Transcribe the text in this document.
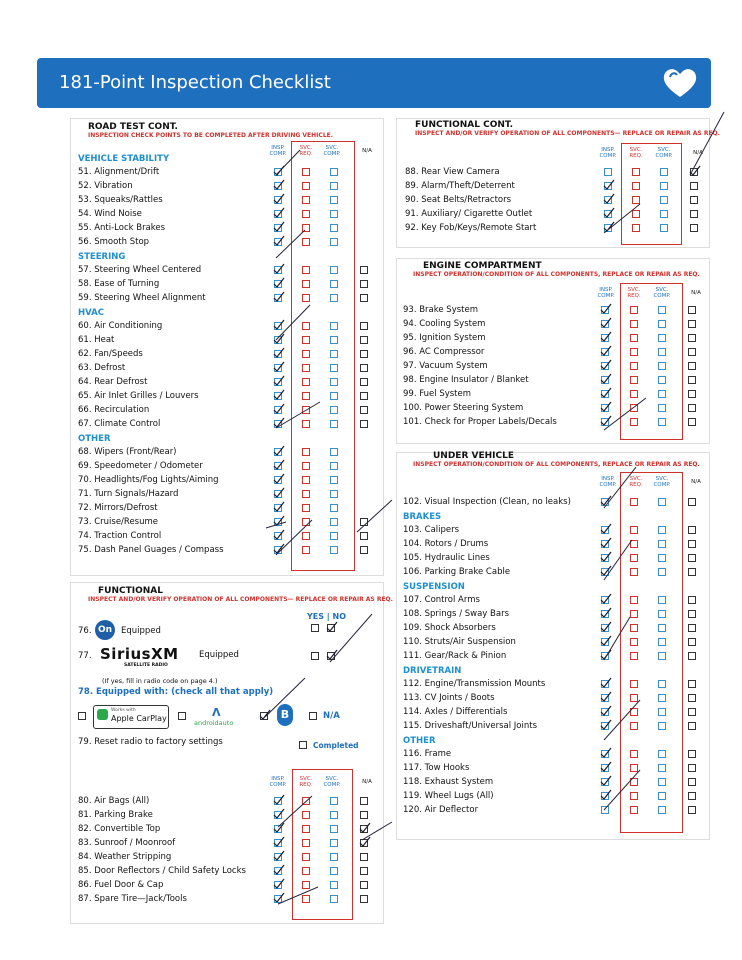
181-Point Inspection Checklist
ROAD TEST CONT.
INSPECTION CHECK POINTS TO BE COMPLETED AFTER DRIVING VEHICLE.
INSP. COMP.
SVC. REQ.
SVC. COMP.	N/A
VEHICLE STABILITY
51. Alignment/Drift
52. Vibration
53. Squeaks/Rattles
54. Wind Noise
55. Anti-Lock Brakes
56. Smooth Stop
STEERING
57. Steering Wheel Centered
58. Ease of Turning
59. Steering Wheel Alignment
HVAC
60. Air Conditioning
61. Heat
62. Fan/Speeds
63. Defrost
64. Rear Defrost
65. Air Inlet Grilles / Louvers
66. Recirculation
67. Climate Control
OTHER
68. Wipers (Front/Rear)
69. Speedometer / Odometer
70. Headlights/Fog Lights/Aiming
71. Turn Signals/Hazard
72. Mirrors/Defrost
73. Cruise/Resume
74. Traction Control
75. Dash Panel Guages / Compass
FUNCTIONAL
INSPECT AND/OR VERIFY OPERATION OF ALL COMPONENTS— REPLACE OR REPAIR AS REQ.
YES | NO
76. On	Equipped
77. SiriusXM
SATELLITE RADIO
Equipped
(If yes, fill in radio code on page 4.)
78. Equipped with: (check all that apply)
Works with
Apple CarPlay	Λ
androidauto
B	N/A
79. Reset radio to factory settings	Completed
INSP. COMP.
SVC. REQ.
SVC. COMP.	N/A
80. Air Bags (All)
81. Parking Brake
82. Convertible Top
83. Sunroof / Moonroof
84. Weather Stripping
85. Door Reflectors / Child Safety Locks
86. Fuel Door & Cap
87. Spare Tire—Jack/Tools
FUNCTIONAL CONT.
INSPECT AND/OR VERIFY OPERATION OF ALL COMPONENTS— REPLACE OR REPAIR AS REQ.
INSP. COMP.
SVC. REQ.
SVC. COMP.	N/A
88. Rear View Camera
89. Alarm/Theft/Deterrent
90. Seat Belts/Retractors
91. Auxiliary/ Cigarette Outlet
92. Key Fob/Keys/Remote Start
ENGINE COMPARTMENT
INSPECT OPERATION/CONDITION OF ALL COMPONENTS, REPLACE OR REPAIR AS REQ.
INSP. COMP.
SVC. REQ.
SVC. COMP.	N/A
93. Brake System
94. Cooling System
95. Ignition System
96. AC Compressor
97. Vacuum System
98. Engine Insulator / Blanket
99. Fuel System
100. Power Steering System
101. Check for Proper Labels/Decals
UNDER VEHICLE
INSPECT OPERATION/CONDITION OF ALL COMPONENTS, REPLACE OR REPAIR AS REQ.
INSP. COMP.
SVC. REQ.
SVC. COMP.	N/A
102. Visual Inspection (Clean, no leaks)
BRAKES
103. Calipers
104. Rotors / Drums
105. Hydraulic Lines
106. Parking Brake Cable
SUSPENSION
107. Control Arms
108. Springs / Sway Bars
109. Shock Absorbers
110. Struts/Air Suspension
111. Gear/Rack & Pinion
DRIVETRAIN
112. Engine/Transmission Mounts
113. CV Joints / Boots
114. Axles / Differentials
115. Driveshaft/Universal Joints
OTHER
116. Frame
117. Tow Hooks
118. Exhaust System
119. Wheel Lugs (All)
120. Air Deflector
